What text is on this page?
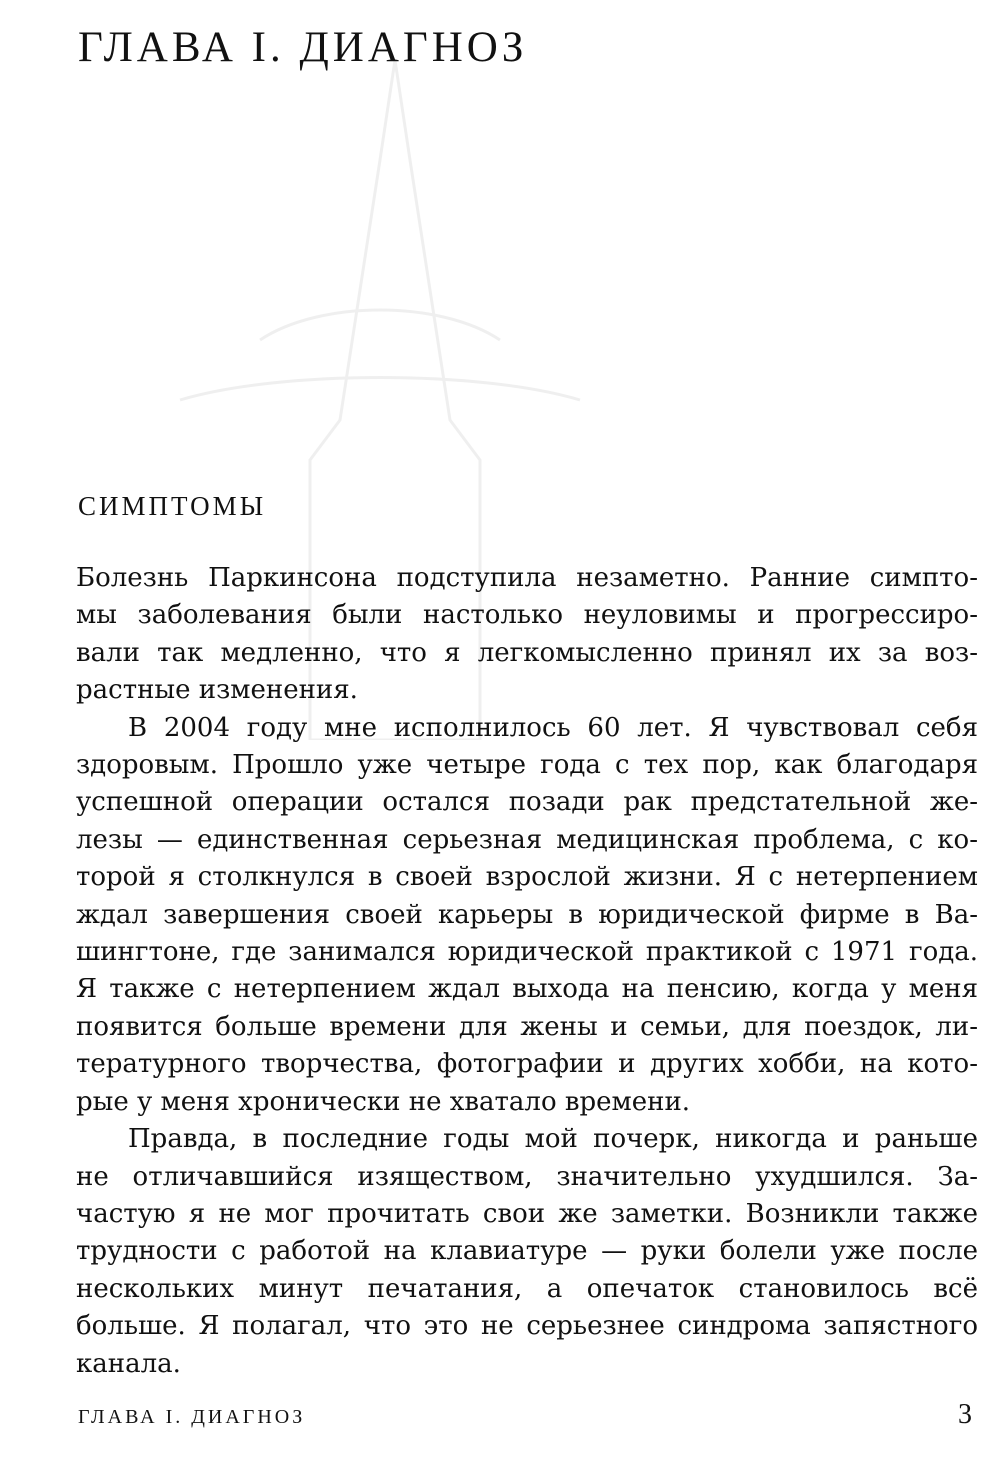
ГЛАВА I. ДИАГНОЗ
СИМПТОМЫ

Болезнь Паркинсона подступила незаметно. Ранние симпто-
мы заболевания были настолько неуловимы и прогрессиро-
вали так медленно, что я легкомысленно принял их за воз-
растные изменения.

В 2004 году мне исполнилось 60 лет. Я чувствовал себя
здоровым. Прошло уже четыре года с тех пор, как благодаря
успешной операции остался позади рак предстательной же-
лезы — единственная серьезная медицинская проблема, с ко-
торой я столкнулся в своей взрослой жизни. Я с нетерпением
ждал завершения своей карьеры в юридической фирме в Ва-
шингтоне, где занимался юридической практикой с 1971 года.
Я также с нетерпением ждал выхода на пенсию, когда у меня
появится больше времени для жены и семьи, для поездок, ли-
тературного творчества, фотографии и других хобби, на кото-
рые у меня хронически не хватало времени.

Правда, в последние годы мой почерк, никогда и раньше
не отличавшийся изяществом, значительно ухудшился. За-
частую я не мог прочитать свои же заметки. Возникли также
трудности с работой на клавиатуре — руки болели уже после
нескольких минут печатания, а опечаток становилось всё
больше. Я полагал, что это не серьезнее синдрома запястного
канала.

ГЛАВА I. ДИАГНОЗ	3
